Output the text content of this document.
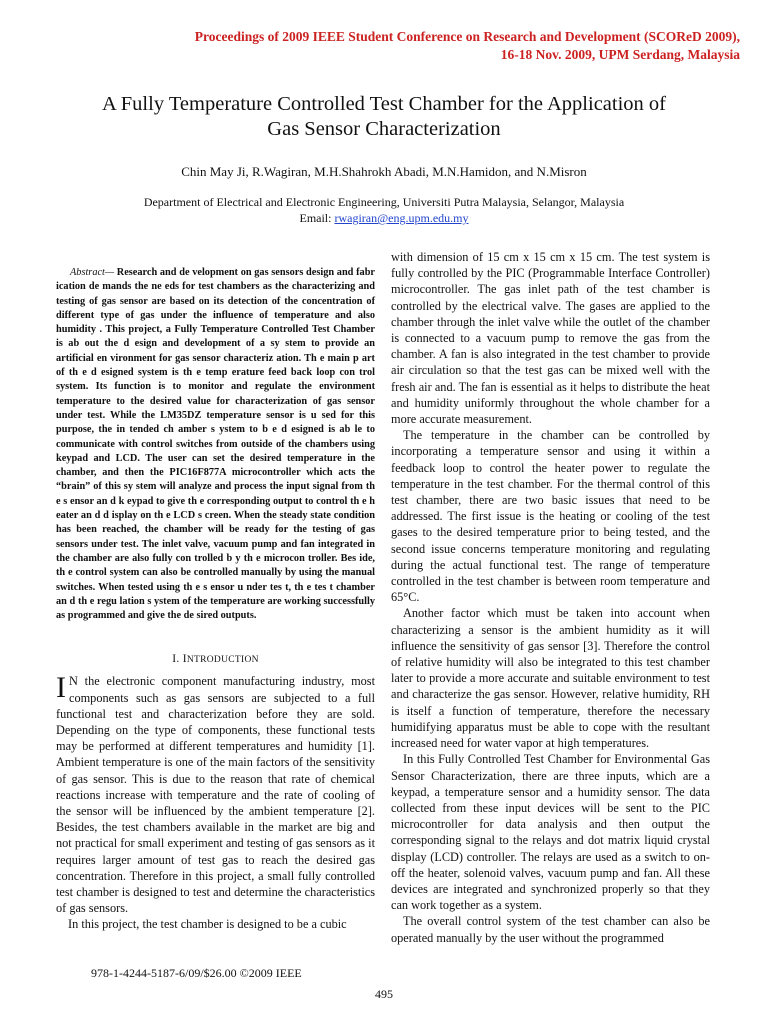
Proceedings of 2009 IEEE Student Conference on Research and Development (SCOReD 2009),
16-18 Nov. 2009, UPM Serdang, Malaysia
A Fully Temperature Controlled Test Chamber for the Application of
Gas Sensor Characterization
Chin May Ji, R.Wagiran, M.H.Shahrokh Abadi, M.N.Hamidon, and N.Misron
Department of Electrical and Electronic Engineering, Universiti Putra Malaysia, Selangor, Malaysia
Email: rwagiran@eng.upm.edu.my

Abstract— Research and de velopment on gas sensors design and fabr ication de mands the ne eds for test chambers as the characterizing and testing of gas sensor are based on its detection of the concentration of different type of gas under the influence of temperature and also humidity . This project, a Fully Temperature Controlled Test Chamber is ab out the d esign and development of a sy stem to provide an artificial en vironment for gas sensor characteriz ation. Th e main p art of th e d esigned system is th e temp erature feed back loop con trol system. Its function is to monitor and regulate the environment temperature to the desired value for characterization of gas sensor under test. While the LM35DZ temperature sensor is u sed for this purpose, the in tended ch amber s ystem to b e d esigned is ab le to communicate with control switches from outside of the chambers using keypad and LCD. The user can set the desired temperature in the chamber, and then the PIC16F877A microcontroller which acts the “brain” of this sy stem will analyze and process the input signal from th e s ensor an d k eypad to give th e corresponding output to control th e h eater an d d isplay on th e LCD s creen. When the steady state condition has been reached, the chamber will be ready for the testing of gas sensors under test. The inlet valve, vacuum pump and fan integrated in the chamber are also fully con trolled b y th e microcon troller. Bes ide, th e control system can also be controlled manually by using the manual switches. When tested using th e s ensor u nder tes t, th e tes t chamber an d th e regu lation s ystem of the temperature are working successfully as programmed and give the de sired outputs.

I. INTRODUCTION

I N the electronic component manufacturing industry, most components such as gas sensors are subjected to a full functional test and characterization before they are sold. Depending on the type of components, these functional tests may be performed at different temperatures and humidity [1]. Ambient temperature is one of the main factors of the sensitivity of gas sensor. This is due to the reason that rate of chemical reactions increase with temperature and the rate of cooling of the sensor will be influenced by the ambient temperature [2]. Besides, the test chambers available in the market are big and not practical for small experiment and testing of gas sensors as it requires larger amount of test gas to reach the desired gas concentration. Therefore in this project, a small fully controlled test chamber is designed to test and determine the characteristics of gas sensors.

In this project, the test chamber is designed to be a cubic

with dimension of 15 cm x 15 cm x 15 cm. The test system is fully controlled by the PIC (Programmable Interface Controller) microcontroller. The gas inlet path of the test chamber is controlled by the electrical valve. The gases are applied to the chamber through the inlet valve while the outlet of the chamber is connected to a vacuum pump to remove the gas from the chamber. A fan is also integrated in the test chamber to provide air circulation so that the test gas can be mixed well with the fresh air and. The fan is essential as it helps to distribute the heat and humidity uniformly throughout the whole chamber for a more accurate measurement.

The temperature in the chamber can be controlled by incorporating a temperature sensor and using it within a feedback loop to control the heater power to regulate the temperature in the test chamber. For the thermal control of this test chamber, there are two basic issues that need to be addressed. The first issue is the heating or cooling of the test gases to the desired temperature prior to being tested, and the second issue concerns temperature monitoring and regulating during the actual functional test. The range of temperature controlled in the test chamber is between room temperature and 65°C.

Another factor which must be taken into account when characterizing a sensor is the ambient humidity as it will influence the sensitivity of gas sensor [3]. Therefore the control of relative humidity will also be integrated to this test chamber later to provide a more accurate and suitable environment to test and characterize the gas sensor. However, relative humidity, RH is itself a function of temperature, therefore the necessary humidifying apparatus must be able to cope with the resultant increased need for water vapor at high temperatures.

In this Fully Controlled Test Chamber for Environmental Gas Sensor Characterization, there are three inputs, which are a keypad, a temperature sensor and a humidity sensor. The data collected from these input devices will be sent to the PIC microcontroller for data analysis and then output the corresponding signal to the relays and dot matrix liquid crystal display (LCD) controller. The relays are used as a switch to on-off the heater, solenoid valves, vacuum pump and fan. All these devices are integrated and synchronized properly so that they can work together as a system.

The overall control system of the test chamber can also be operated manually by the user without the programmed

978-1-4244-5187-6/09/$26.00 ©2009 IEEE
495
